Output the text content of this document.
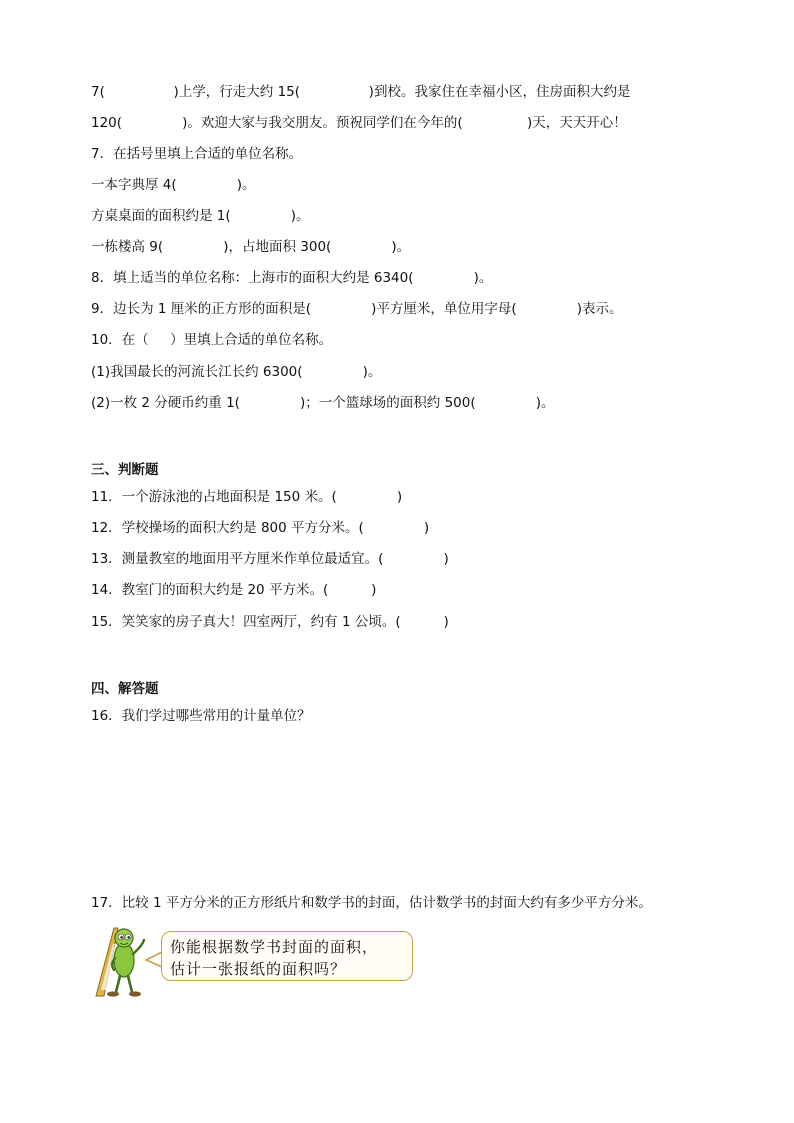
7(                )上学，行走大约 15(                )到校。我家住在幸福小区，住房面积大约是
120(              )。欢迎大家与我交朋友。预祝同学们在今年的(               )天，天天开心！
7．在括号里填上合适的单位名称。
一本字典厚 4(              )。
方桌桌面的面积约是 1(              )。
一栋楼高 9(              )，占地面积 300(              )。
8．填上适当的单位名称：上海市的面积大约是 6340(              )。
9．边长为 1 厘米的正方形的面积是(              )平方厘米，单位用字母(              )表示。
10．在（     ）里填上合适的单位名称。
(1)我国最长的河流长江长约 6300(              )。
(2)一枚 2 分硬币约重 1(              )；一个篮球场的面积约 500(              )。
三、判断题
11．一个游泳池的占地面积是 150 米。(              )
12．学校操场的面积大约是 800 平方分米。(              )
13．测量教室的地面用平方厘米作单位最适宜。(              )
14．教室门的面积大约是 20 平方米。(          )
15．笑笑家的房子真大！四室两厅，约有 1 公顷。(          )
四、解答题
16．我们学过哪些常用的计量单位？
17．比较 1 平方分米的正方形纸片和数学书的封面，估计数学书的封面大约有多少平方分米。
你能根据数学书封面的面积，
估计一张报纸的面积吗？
